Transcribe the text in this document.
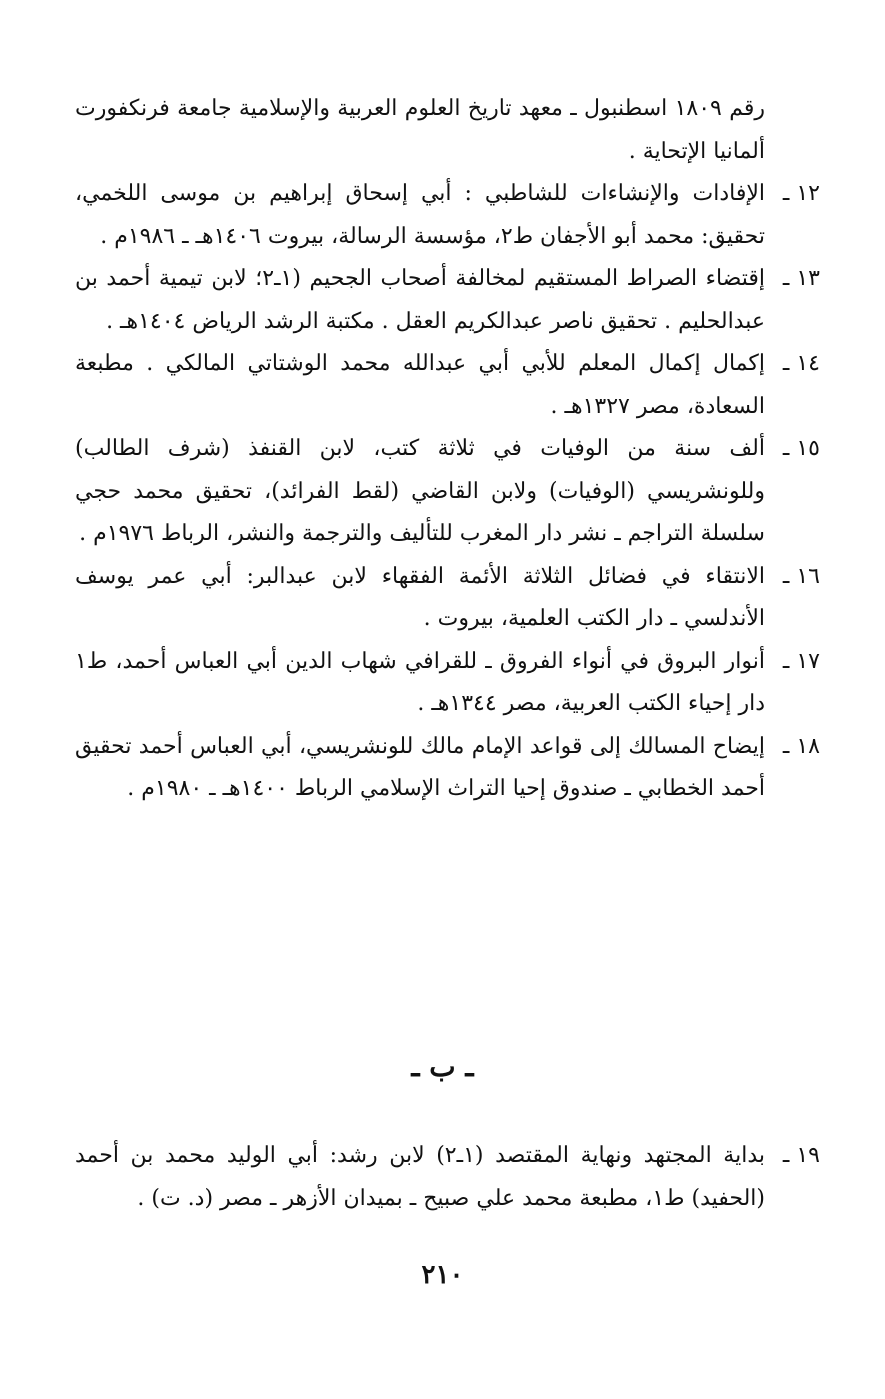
رقم ١٨٠٩ اسطنبول ـ معهد تاريخ العلوم العربية والإسلامية جامعة فرنكفورت ألمانيا الإتحاية .

١٢ ـ
الإفادات والإنشاءات للشاطبي : أبي إسحاق إبراهيم بن موسى اللخمي، تحقيق: محمد أبو الأجفان ط٢، مؤسسة الرسالة، بيروت ١٤٠٦هـ ـ ١٩٨٦م .

١٣ ـ
إقتضاء الصراط المستقيم لمخالفة أصحاب الجحيم (١ـ٢؛ لابن تيمية أحمد بن عبدالحليم . تحقيق ناصر عبدالكريم العقل . مكتبة الرشد الرياض ١٤٠٤هـ .

١٤ ـ
إكمال إكمال المعلم للأبي أبي عبدالله محمد الوشتاتي المالكي . مطبعة السعادة، مصر ١٣٢٧هـ .

١٥ ـ
ألف سنة من الوفيات في ثلاثة كتب، لابن القنفذ (شرف الطالب) وللونشريسي (الوفيات) ولابن القاضي (لقط الفرائد)، تحقيق محمد حجي سلسلة التراجم ـ نشر دار المغرب للتأليف والترجمة والنشر، الرباط ١٩٧٦م .

١٦ ـ
الانتقاء في فضائل الثلاثة الأئمة الفقهاء لابن عبدالبر: أبي عمر يوسف الأندلسي ـ دار الكتب العلمية، بيروت .

١٧ ـ
أنوار البروق في أنواء الفروق ـ للقرافي شهاب الدين أبي العباس أحمد، ط١ دار إحياء الكتب العربية، مصر ١٣٤٤هـ .

١٨ ـ
إيضاح المسالك إلى قواعد الإمام مالك للونشريسي، أبي العباس أحمد تحقيق أحمد الخطابي ـ صندوق إحيا التراث الإسلامي الرباط ١٤٠٠هـ ـ ١٩٨٠م .

ـ ب ـ

١٩ ـ
بداية المجتهد ونهاية المقتصد (١ـ٢) لابن رشد: أبي الوليد محمد بن أحمد (الحفيد) ط١، مطبعة محمد علي صبيح ـ بميدان الأزهر ـ مصر (د. ت) .

٢١٠
